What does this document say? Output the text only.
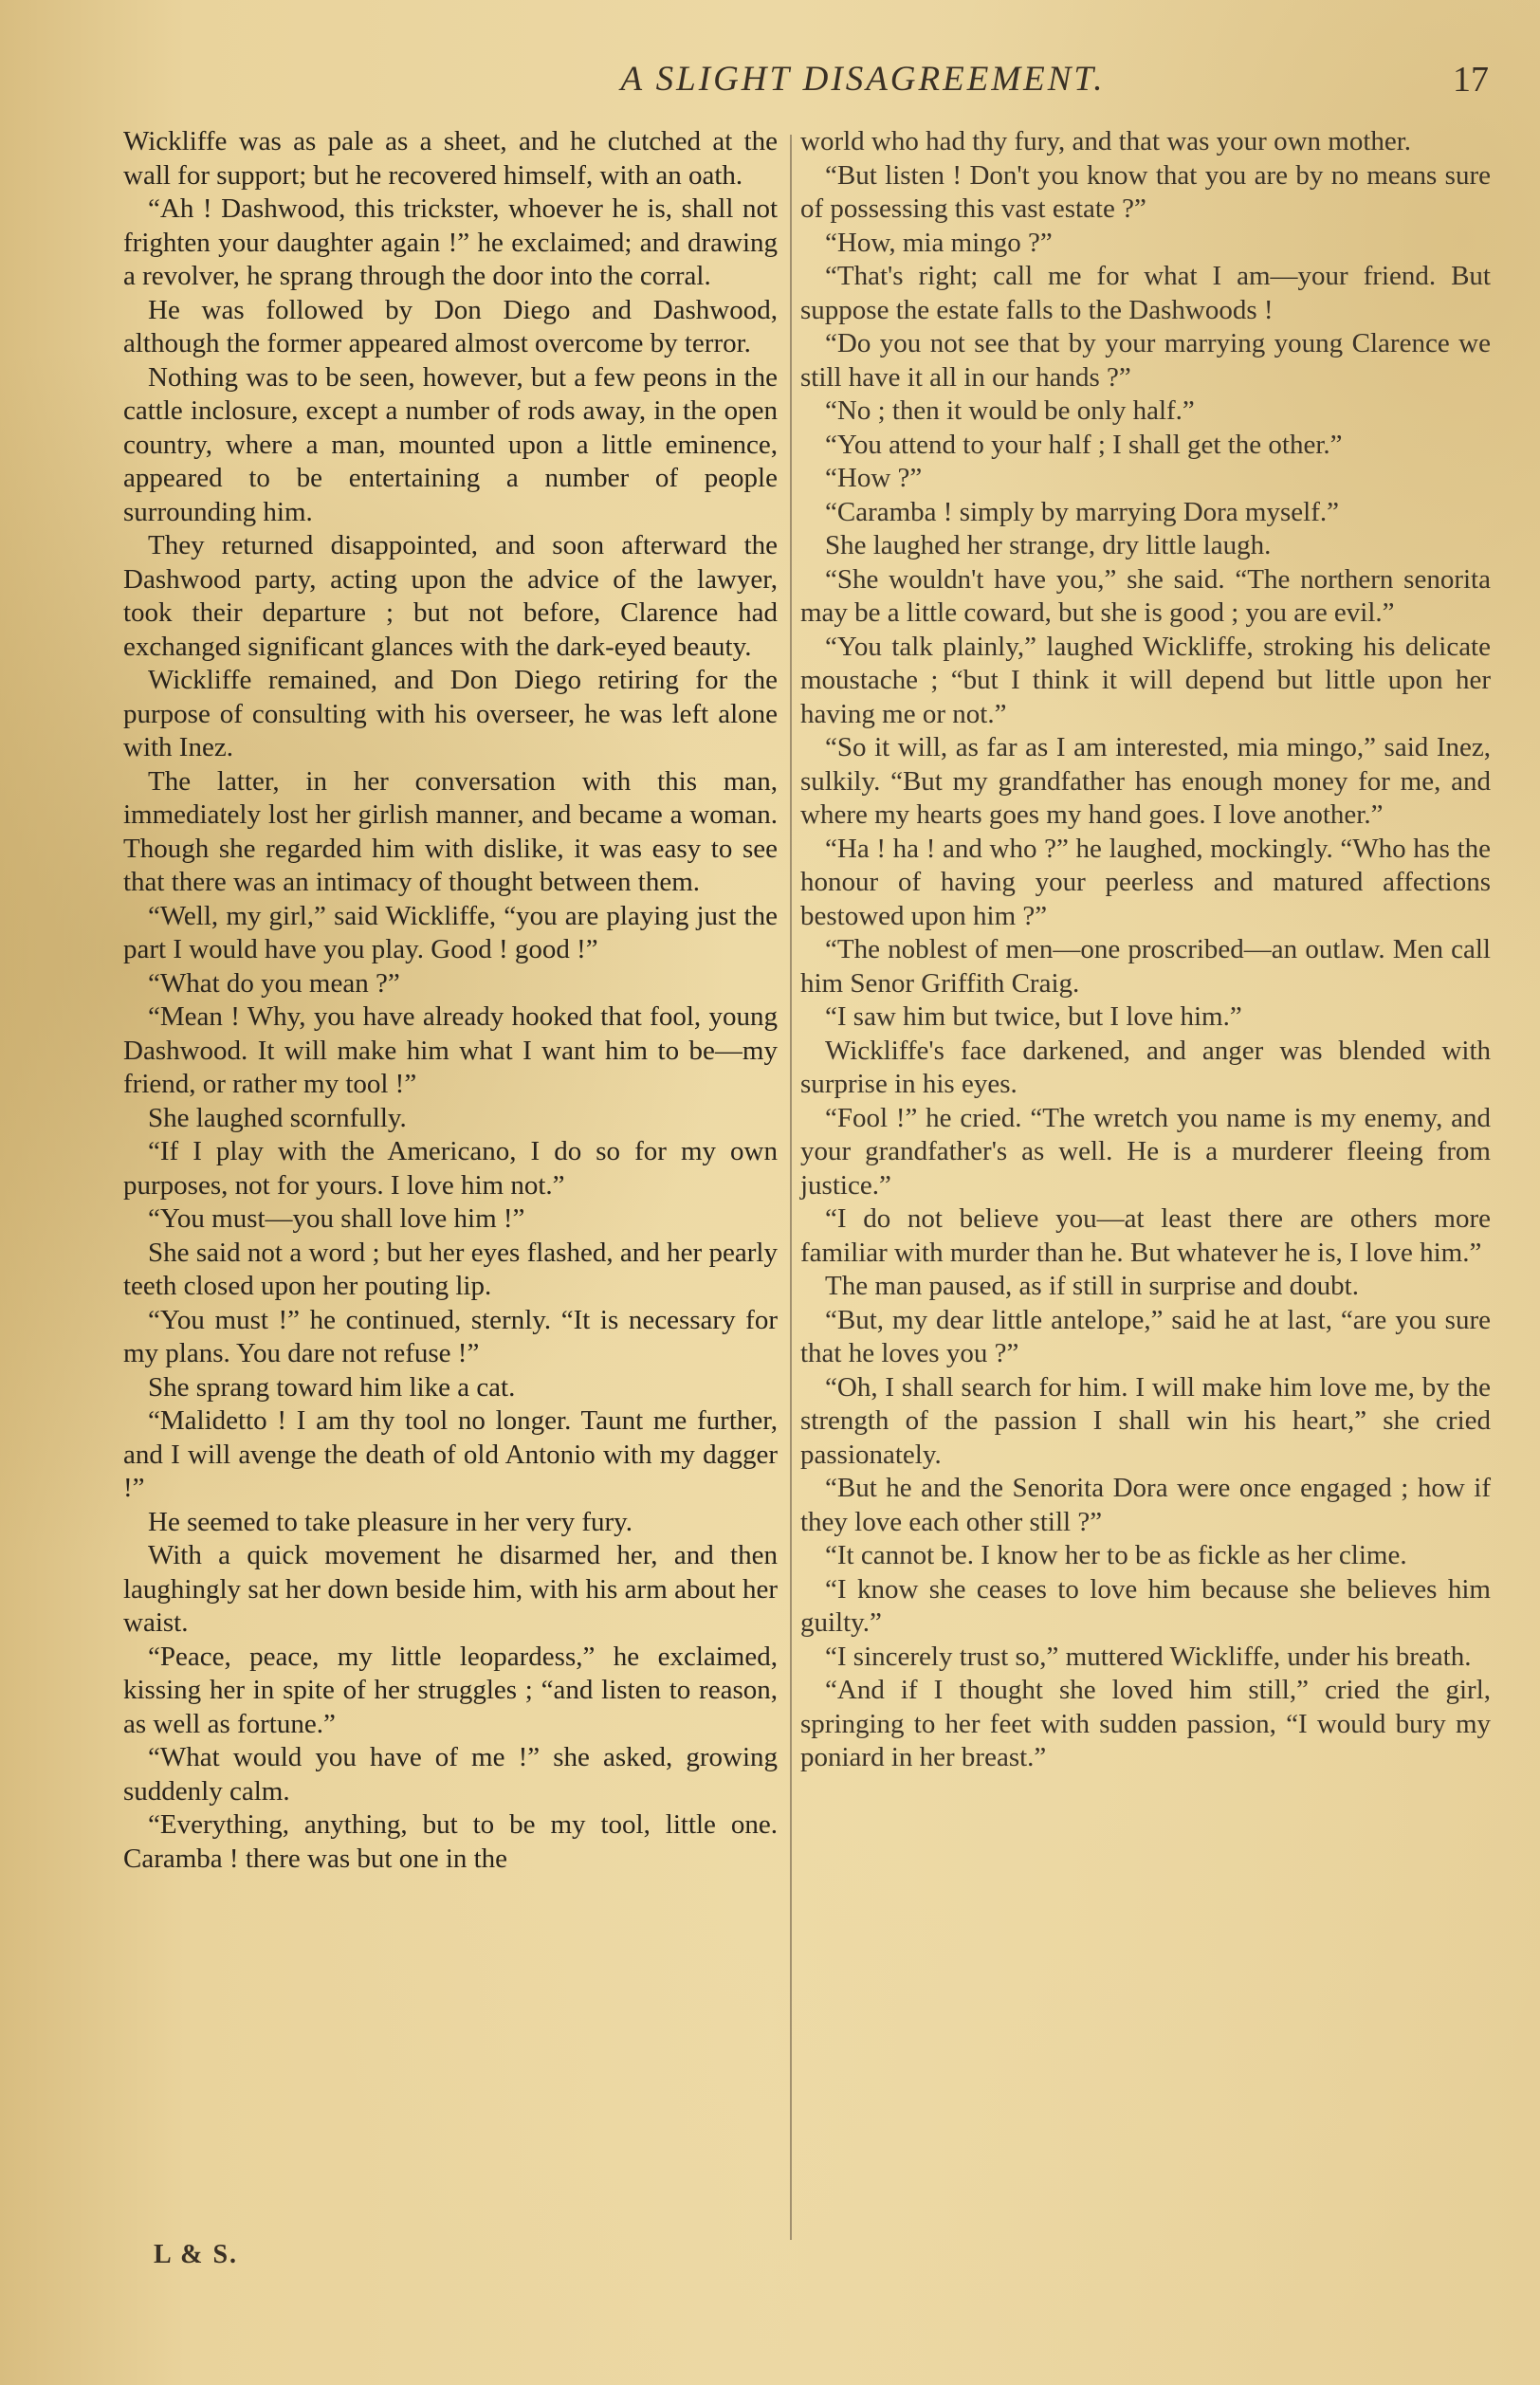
A SLIGHT DISAGREEMENT.	17

Wickliffe was as pale as a sheet, and he clutched at the wall for support; but he recovered himself, with an oath.

“Ah ! Dashwood, this trickster, whoever he is, shall not frighten your daughter again !” he exclaimed; and drawing a revolver, he sprang through the door into the corral.

He was followed by Don Diego and Dashwood, although the former appeared almost overcome by terror.

Nothing was to be seen, however, but a few peons in the cattle inclosure, except a number of rods away, in the open country, where a man, mounted upon a little eminence, appeared to be entertaining a number of people surrounding him.

They returned disappointed, and soon afterward the Dashwood party, acting upon the advice of the lawyer, took their departure ; but not before, Clarence had exchanged significant glances with the dark-eyed beauty.

Wickliffe remained, and Don Diego retiring for the purpose of consulting with his overseer, he was left alone with Inez.

The latter, in her conversation with this man, immediately lost her girlish manner, and became a woman. Though she regarded him with dislike, it was easy to see that there was an intimacy of thought between them.

“Well, my girl,” said Wickliffe, “you are playing just the part I would have you play. Good ! good !”

“What do you mean ?”

“Mean ! Why, you have already hooked that fool, young Dashwood. It will make him what I want him to be—my friend, or rather my tool !”

She laughed scornfully.

“If I play with the Americano, I do so for my own purposes, not for yours. I love him not.”

“You must—you shall love him !”

She said not a word ; but her eyes flashed, and her pearly teeth closed upon her pouting lip.

“You must !” he continued, sternly. “It is necessary for my plans. You dare not refuse !”

She sprang toward him like a cat.

“Malidetto ! I am thy tool no longer. Taunt me further, and I will avenge the death of old Antonio with my dagger !”

He seemed to take pleasure in her very fury.

With a quick movement he disarmed her, and then laughingly sat her down beside him, with his arm about her waist.

“Peace, peace, my little leopardess,” he exclaimed, kissing her in spite of her struggles ; “and listen to reason, as well as fortune.”

“What would you have of me !” she asked, growing suddenly calm.

“Everything, anything, but to be my tool, little one. Caramba ! there was but one in the

world who had thy fury, and that was your own mother.

“But listen ! Don't you know that you are by no means sure of possessing this vast estate ?”

“How, mia mingo ?”

“That's right; call me for what I am—your friend. But suppose the estate falls to the Dashwoods !

“Do you not see that by your marrying young Clarence we still have it all in our hands ?”

“No ; then it would be only half.”

“You attend to your half ; I shall get the other.”

“How ?”

“Caramba ! simply by marrying Dora myself.”

She laughed her strange, dry little laugh.

“She wouldn't have you,” she said. “The northern senorita may be a little coward, but she is good ; you are evil.”

“You talk plainly,” laughed Wickliffe, stroking his delicate moustache ; “but I think it will depend but little upon her having me or not.”

“So it will, as far as I am interested, mia mingo,” said Inez, sulkily. “But my grandfather has enough money for me, and where my hearts goes my hand goes. I love another.”

“Ha ! ha ! and who ?” he laughed, mockingly. “Who has the honour of having your peerless and matured affections bestowed upon him ?”

“The noblest of men—one proscribed—an outlaw. Men call him Senor Griffith Craig.

“I saw him but twice, but I love him.”

Wickliffe's face darkened, and anger was blended with surprise in his eyes.

“Fool !” he cried. “The wretch you name is my enemy, and your grandfather's as well. He is a murderer fleeing from justice.”

“I do not believe you—at least there are others more familiar with murder than he. But whatever he is, I love him.”

The man paused, as if still in surprise and doubt.

“But, my dear little antelope,” said he at last, “are you sure that he loves you ?”

“Oh, I shall search for him. I will make him love me, by the strength of the passion I shall win his heart,” she cried passionately.

“But he and the Senorita Dora were once engaged ; how if they love each other still ?”

“It cannot be. I know her to be as fickle as her clime.

“I know she ceases to love him because she believes him guilty.”

“I sincerely trust so,” muttered Wickliffe, under his breath.

“And if I thought she loved him still,” cried the girl, springing to her feet with sudden passion, “I would bury my poniard in her breast.”

L & S.
